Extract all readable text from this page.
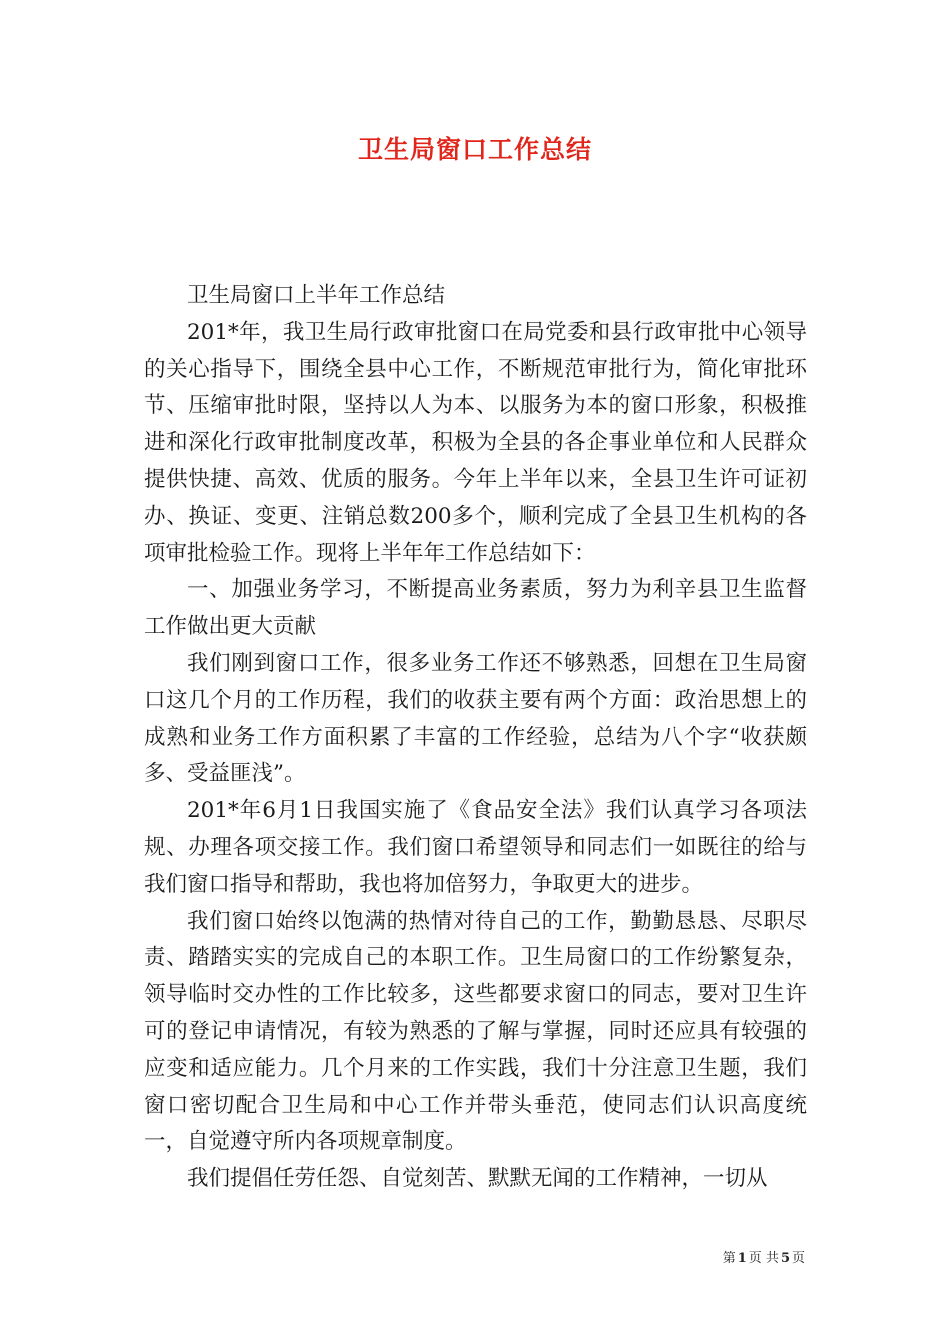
卫生局窗口工作总结

卫生局窗口上半年工作总结

201*年，我卫生局行政审批窗口在局党委和县行政审批中心领导的关心指导下，围绕全县中心工作，不断规范审批行为，简化审批环节、压缩审批时限，坚持以人为本、以服务为本的窗口形象，积极推进和深化行政审批制度改革，积极为全县的各企事业单位和人民群众提供快捷、高效、优质的服务。今年上半年以来，全县卫生许可证初办、换证、变更、注销总数200多个，顺利完成了全县卫生机构的各项审批检验工作。现将上半年年工作总结如下：

一、加强业务学习，不断提高业务素质，努力为利辛县卫生监督工作做出更大贡献

我们刚到窗口工作，很多业务工作还不够熟悉，回想在卫生局窗口这几个月的工作历程，我们的收获主要有两个方面：政治思想上的成熟和业务工作方面积累了丰富的工作经验，总结为八个字“收获颇多、受益匪浅”。

201*年6月1日我国实施了《食品安全法》我们认真学习各项法规、办理各项交接工作。我们窗口希望领导和同志们一如既往的给与我们窗口指导和帮助，我也将加倍努力，争取更大的进步。

我们窗口始终以饱满的热情对待自己的工作，勤勤恳恳、尽职尽责、踏踏实实的完成自己的本职工作。卫生局窗口的工作纷繁复杂，领导临时交办性的工作比较多，这些都要求窗口的同志，要对卫生许可的登记申请情况，有较为熟悉的了解与掌握，同时还应具有较强的应变和适应能力。几个月来的工作实践，我们十分注意卫生题，我们窗口密切配合卫生局和中心工作并带头垂范，使同志们认识高度统一，自觉遵守所内各项规章制度。

我们提倡任劳任怨、自觉刻苦、默默无闻的工作精神，一切从

第 1 页 共 5 页
